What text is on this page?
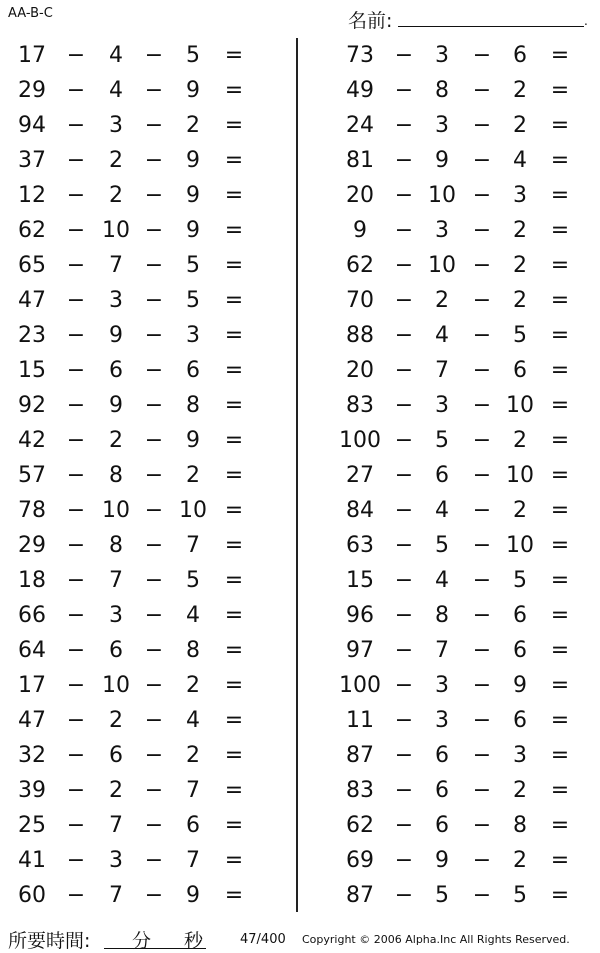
AA-B-C	名前:	.
17 −	4 −	5	=
29 −	4 −	9	=
94 −	3 −	2	=
37 −	2 −	9	=
12 −	2 −	9	=
62 − 10 −	9	=
65 −	7 −	5	=
47 −	3 −	5	=
23 −	9 −	3	=
15 −	6 −	6	=
92 −	9 −	8	=
42 −	2 −	9	=
57 −	8 −	2	=
78 − 10 − 10 =
29 −	8 −	7	=
18 −	7 −	5	=
66 −	3 −	4	=
64 −	6 −	8	=
17 − 10 −	2	=
47 −	2 −	4	=
32 −	6 −	2	=
39 −	2 −	7	=
25 −	7 −	6	=
41 −	3 −	7	=
60 −	7 −	9	=
73 − 3	− 6	=
49 − 8	− 2	=
24 − 3	− 2	=
81 − 9	− 4	=
20 − 10 − 3	=
9	− 3	− 2	=
62 − 10 − 2	=
70 − 2	− 2	=
88 − 4	− 5	=
20 − 7	− 6	=
83 − 3	− 10 =
100 − 5	− 2	=
27 − 6	− 10 =
84 − 4	− 2	=
63 − 5	− 10 =
15 − 4	− 5	=
96 − 8	− 6	=
97 − 7	− 6	=
100 − 3	− 9	=
11 − 3	− 6	=
87 − 6	− 3	=
83 − 6	− 2	=
62 − 6	− 8	=
69 − 9	− 2	=
87 − 5	− 5	=
所要時間: 分 秒	47/400 Copyright © 2006 Alpha.Inc All Rights Reserved.
